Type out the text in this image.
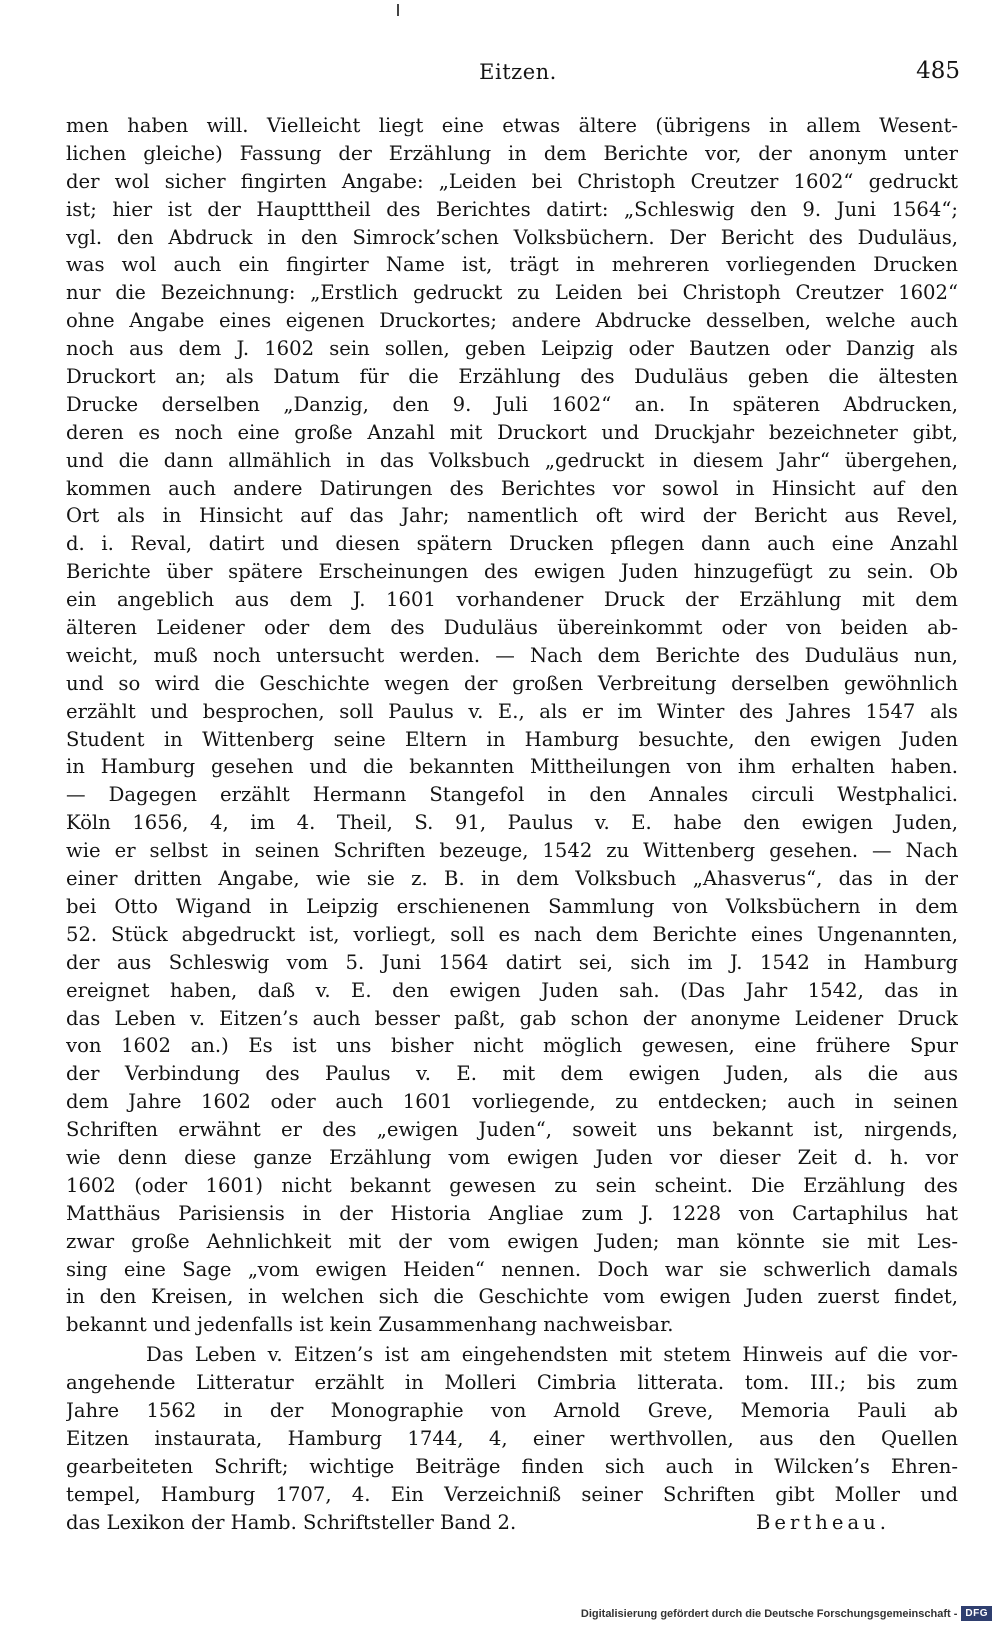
Eitzen.	485
men haben will. Vielleicht liegt eine etwas ältere (übrigens in allem Wesent-
lichen gleiche) Fassung der Erzählung in dem Berichte vor, der anonym unter
der wol sicher fingirten Angabe: „Leiden bei Christoph Creutzer 1602“ gedruckt
ist; hier ist der Hauptttheil des Berichtes datirt: „Schleswig den 9. Juni 1564“;
vgl. den Abdruck in den Simrock’schen Volksbüchern. Der Bericht des Duduläus,
was wol auch ein fingirter Name ist, trägt in mehreren vorliegenden Drucken
nur die Bezeichnung: „Erstlich gedruckt zu Leiden bei Christoph Creutzer 1602“
ohne Angabe eines eigenen Druckortes; andere Abdrucke desselben, welche auch
noch aus dem J. 1602 sein sollen, geben Leipzig oder Bautzen oder Danzig als
Druckort an; als Datum für die Erzählung des Duduläus geben die ältesten
Drucke derselben „Danzig, den 9. Juli 1602“ an. In späteren Abdrucken,
deren es noch eine große Anzahl mit Druckort und Druckjahr bezeichneter gibt,
und die dann allmählich in das Volksbuch „gedruckt in diesem Jahr“ übergehen,
kommen auch andere Datirungen des Berichtes vor sowol in Hinsicht auf den
Ort als in Hinsicht auf das Jahr; namentlich oft wird der Bericht aus Revel,
d. i. Reval, datirt und diesen spätern Drucken pflegen dann auch eine Anzahl
Berichte über spätere Erscheinungen des ewigen Juden hinzugefügt zu sein. Ob
ein angeblich aus dem J. 1601 vorhandener Druck der Erzählung mit dem
älteren Leidener oder dem des Duduläus übereinkommt oder von beiden ab-
weicht, muß noch untersucht werden. — Nach dem Berichte des Duduläus nun,
und so wird die Geschichte wegen der großen Verbreitung derselben gewöhnlich
erzählt und besprochen, soll Paulus v. E., als er im Winter des Jahres 1547 als
Student in Wittenberg seine Eltern in Hamburg besuchte, den ewigen Juden
in Hamburg gesehen und die bekannten Mittheilungen von ihm erhalten haben.
— Dagegen erzählt Hermann Stangefol in den Annales circuli Westphalici.
Köln 1656, 4, im 4. Theil, S. 91, Paulus v. E. habe den ewigen Juden,
wie er selbst in seinen Schriften bezeuge, 1542 zu Wittenberg gesehen. — Nach
einer dritten Angabe, wie sie z. B. in dem Volksbuch „Ahasverus“, das in der
bei Otto Wigand in Leipzig erschienenen Sammlung von Volksbüchern in dem
52. Stück abgedruckt ist, vorliegt, soll es nach dem Berichte eines Ungenannten,
der aus Schleswig vom 5. Juni 1564 datirt sei, sich im J. 1542 in Hamburg
ereignet haben, daß v. E. den ewigen Juden sah. (Das Jahr 1542, das in
das Leben v. Eitzen’s auch besser paßt, gab schon der anonyme Leidener Druck
von 1602 an.) Es ist uns bisher nicht möglich gewesen, eine frühere Spur
der Verbindung des Paulus v. E. mit dem ewigen Juden, als die aus
dem Jahre 1602 oder auch 1601 vorliegende, zu entdecken; auch in seinen
Schriften erwähnt er des „ewigen Juden“, soweit uns bekannt ist, nirgends,
wie denn diese ganze Erzählung vom ewigen Juden vor dieser Zeit d. h. vor
1602 (oder 1601) nicht bekannt gewesen zu sein scheint. Die Erzählung des
Matthäus Parisiensis in der Historia Angliae zum J. 1228 von Cartaphilus hat
zwar große Aehnlichkeit mit der vom ewigen Juden; man könnte sie mit Les-
sing eine Sage „vom ewigen Heiden“ nennen. Doch war sie schwerlich damals
in den Kreisen, in welchen sich die Geschichte vom ewigen Juden zuerst findet,
bekannt und jedenfalls ist kein Zusammenhang nachweisbar.
Das Leben v. Eitzen’s ist am eingehendsten mit stetem Hinweis auf die vor-
angehende Litteratur erzählt in Molleri Cimbria litterata. tom. III.; bis zum
Jahre 1562 in der Monographie von Arnold Greve, Memoria Pauli ab
Eitzen instaurata, Hamburg 1744, 4, einer werthvollen, aus den Quellen
gearbeiteten Schrift; wichtige Beiträge finden sich auch in Wilcken’s Ehren-
tempel, Hamburg 1707, 4. Ein Verzeichniß seiner Schriften gibt Moller und
das Lexikon der Hamb. Schriftsteller Band 2.	Bertheau.
Digitalisierung gefördert durch die Deutsche Forschungsgemeinschaft - DFG
